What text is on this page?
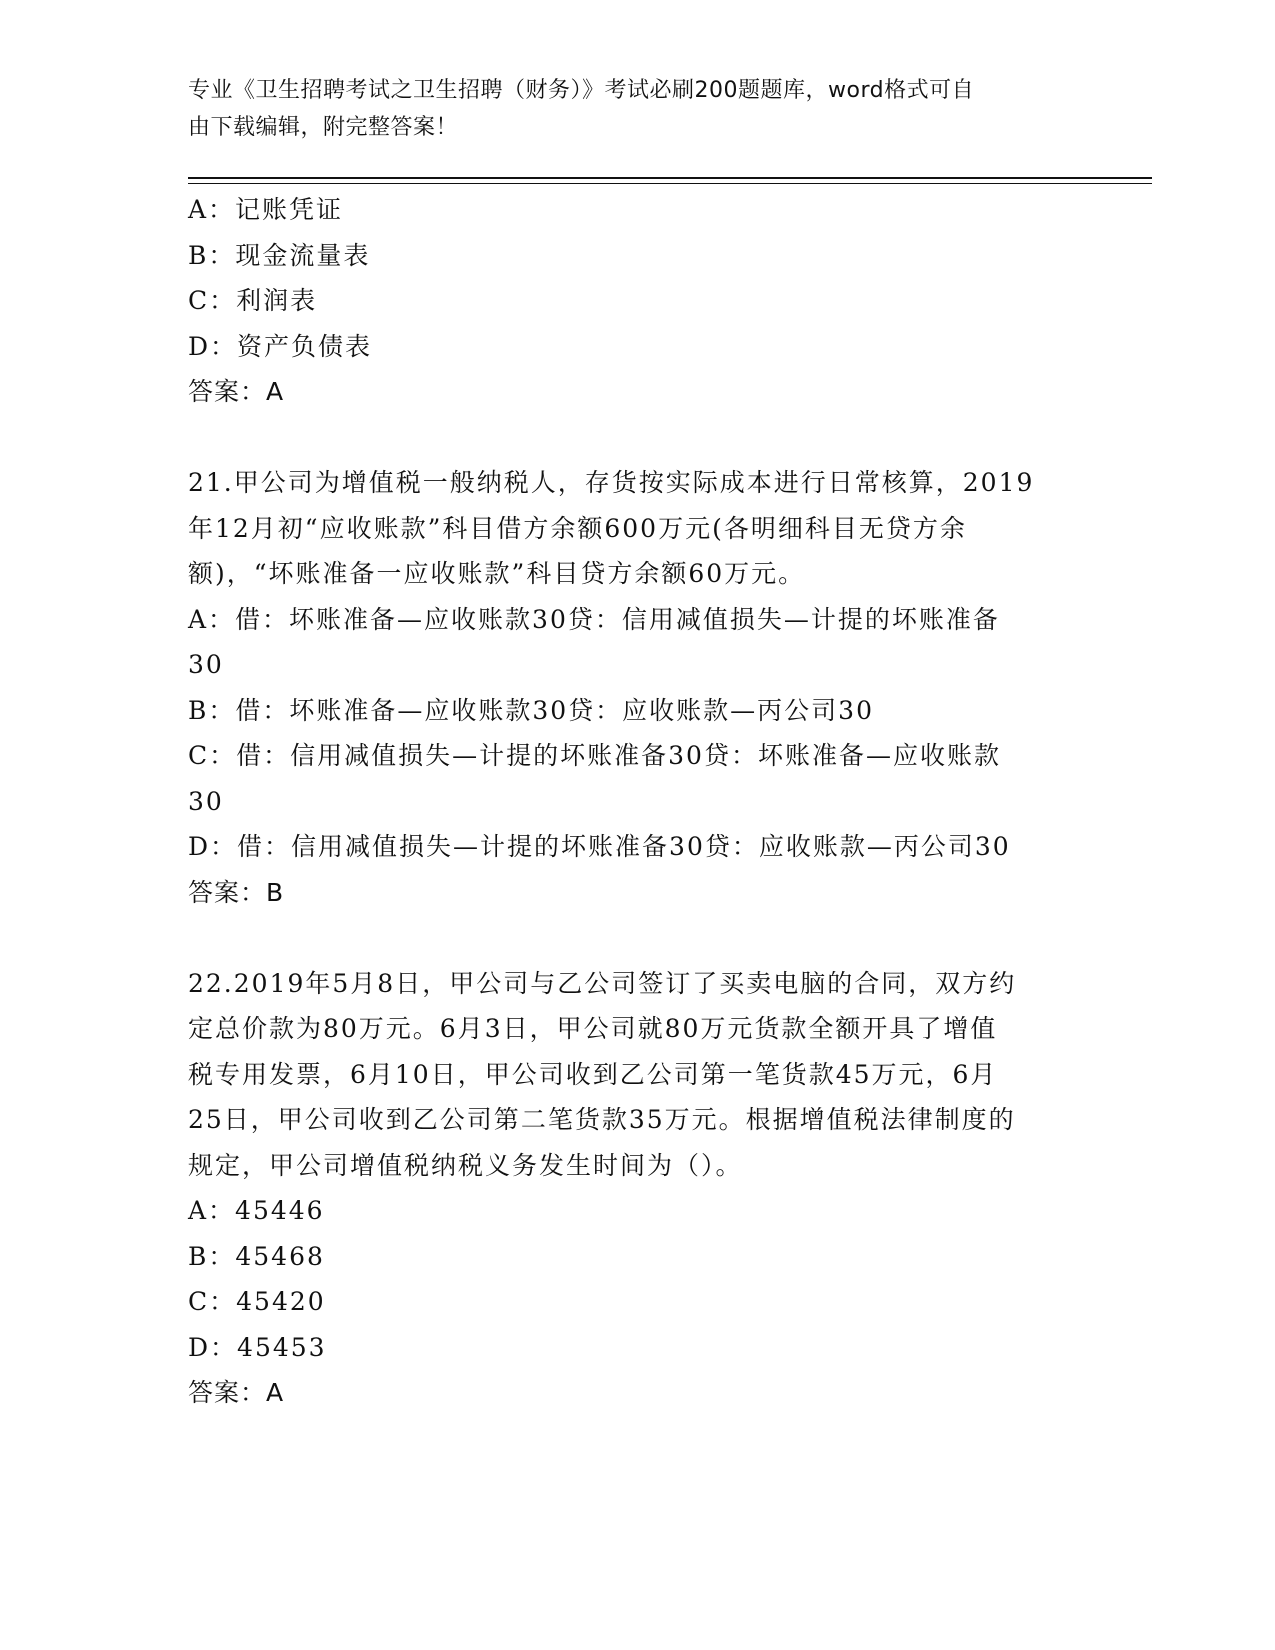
专业《卫生招聘考试之卫生招聘（财务）》考试必刷200题题库，word格式可自
由下载编辑，附完整答案！
A：记账凭证
B：现金流量表
C：利润表
D：资产负债表
答案：A
21.甲公司为增值税一般纳税人，存货按实际成本进行日常核算，2019
年12月初“应收账款”科目借方余额600万元(各明细科目无贷方余
额)，“坏账准备一应收账款”科目贷方余额60万元。
A：借：坏账准备—应收账款30贷：信用减值损失—计提的坏账准备
30
B：借：坏账准备—应收账款30贷：应收账款—丙公司30
C：借：信用减值损失—计提的坏账准备30贷：坏账准备—应收账款
30
D：借：信用减值损失—计提的坏账准备30贷：应收账款—丙公司30
答案：B
22.2019年5月8日，甲公司与乙公司签订了买卖电脑的合同，双方约
定总价款为80万元。6月3日，甲公司就80万元货款全额开具了增值
税专用发票，6月10日，甲公司收到乙公司第一笔货款45万元，6月
25日，甲公司收到乙公司第二笔货款35万元。根据增值税法律制度的
规定，甲公司增值税纳税义务发生时间为（）。
A：45446
B：45468
C：45420
D：45453
答案：A
